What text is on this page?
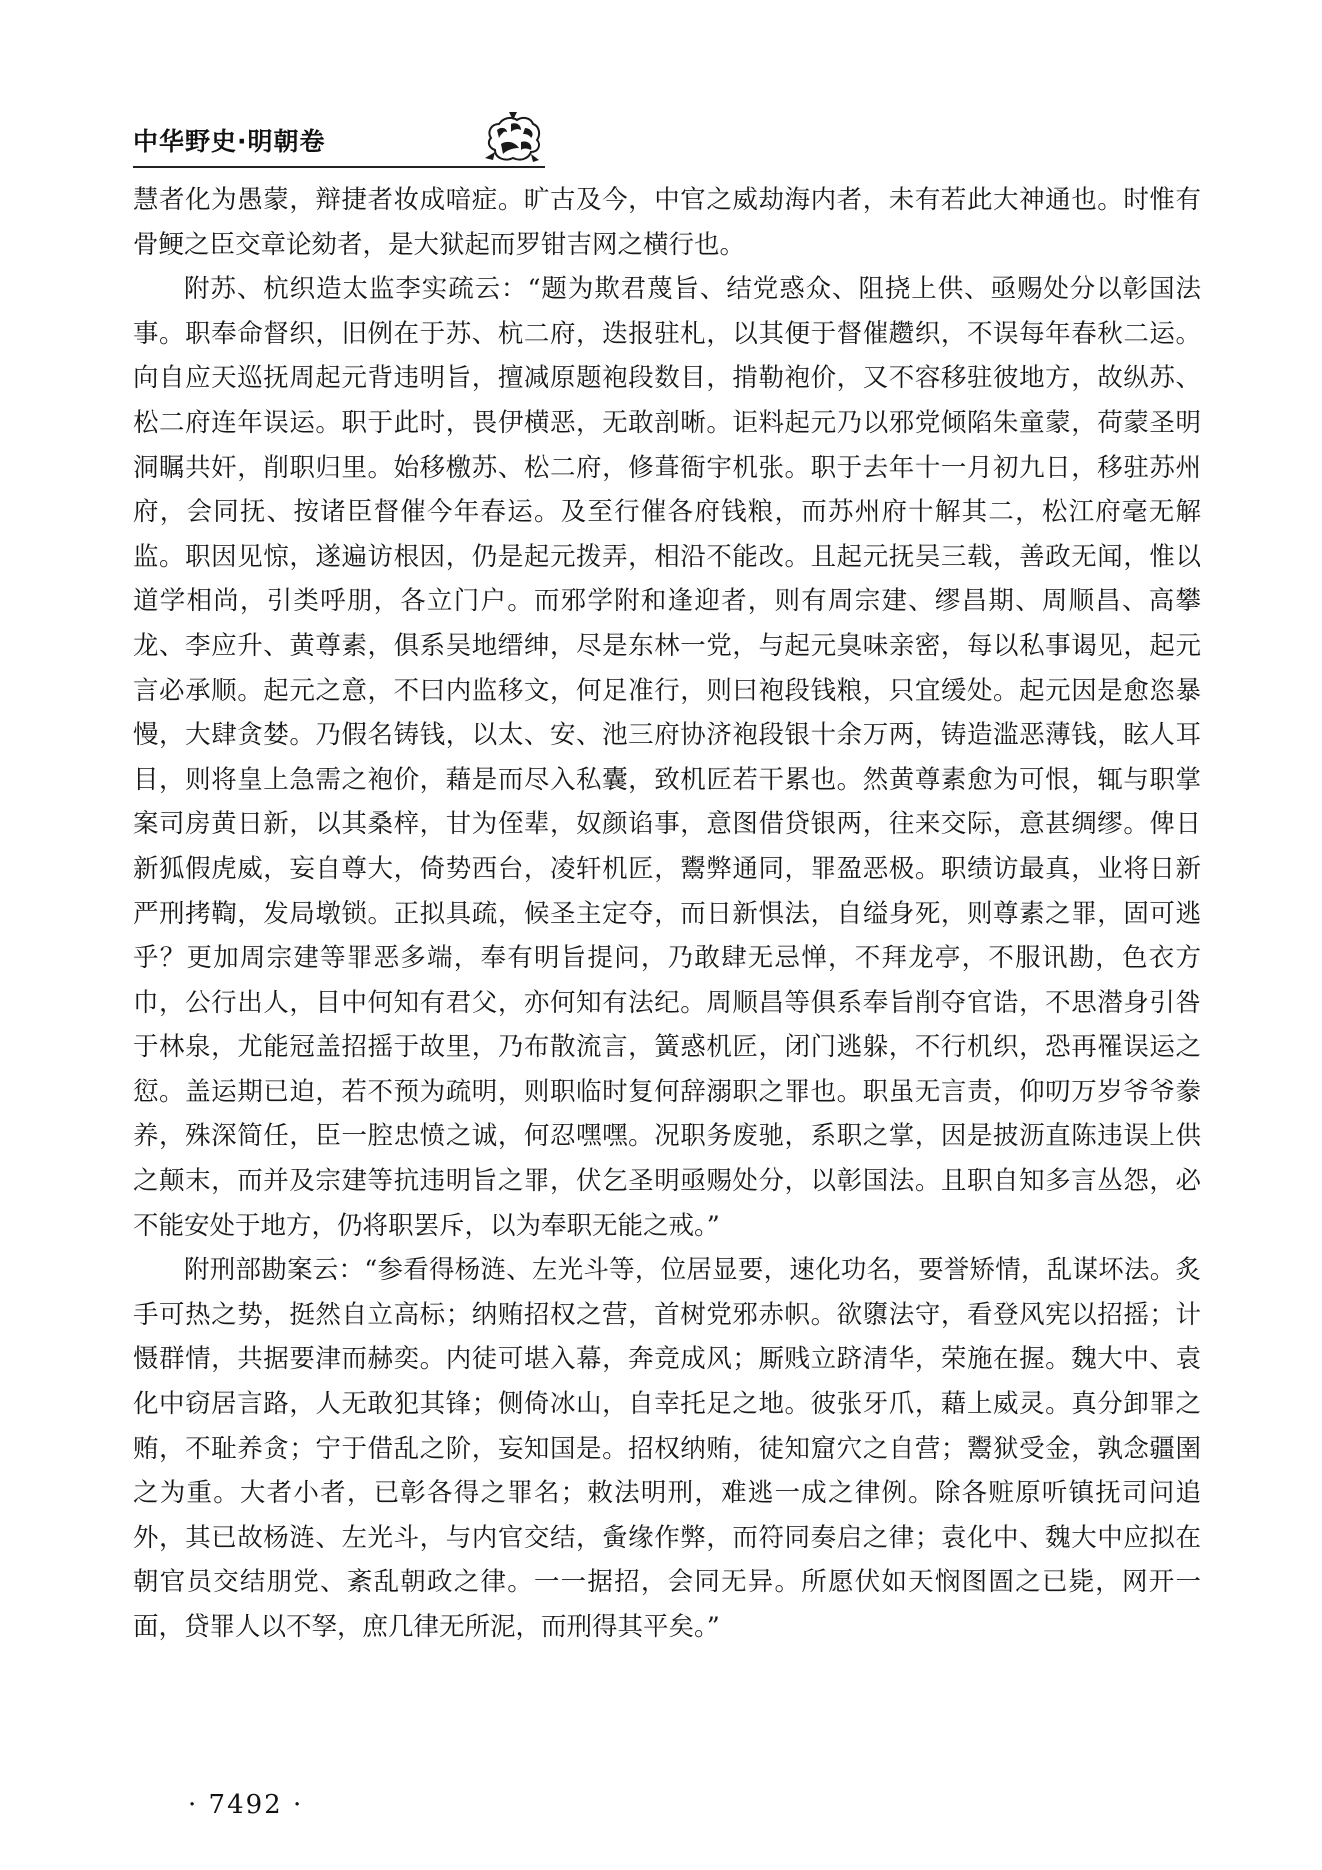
中华野史·明朝卷

慧者化为愚蒙，辩捷者妆成喑症。旷古及今，中官之威劫海内者，未有若此大神通也。时惟有骨鲠之臣交章论劾者，是大狱起而罗钳吉网之横行也。

附苏、杭织造太监李实疏云：“题为欺君蔑旨、结党惑众、阻挠上供、亟赐处分以彰国法事。职奉命督织，旧例在于苏、杭二府，迭报驻札，以其便于督催趱织，不误每年春秋二运。向自应天巡抚周起元背违明旨，擅减原题袍段数目，掯勒袍价，又不容移驻彼地方，故纵苏、松二府连年误运。职于此时，畏伊横恶，无敢剖晰。讵料起元乃以邪党倾陷朱童蒙，荷蒙圣明洞瞩共奸，削职归里。始移檄苏、松二府，修葺衙宇机张。职于去年十一月初九日，移驻苏州府，会同抚、按诸臣督催今年春运。及至行催各府钱粮，而苏州府十解其二，松江府毫无解监。职因见惊，遂遍访根因，仍是起元拨弄，相沿不能改。且起元抚吴三载，善政无闻，惟以道学相尚，引类呼朋，各立门户。而邪学附和逢迎者，则有周宗建、缪昌期、周顺昌、高攀龙、李应升、黄尊素，俱系吴地缙绅，尽是东林一党，与起元臭味亲密，每以私事谒见，起元言必承顺。起元之意，不曰内监移文，何足准行，则曰袍段钱粮，只宜缓处。起元因是愈恣暴慢，大肆贪婪。乃假名铸钱，以太、安、池三府协济袍段银十余万两，铸造滥恶薄钱，眩人耳目，则将皇上急需之袍价，藉是而尽入私囊，致机匠若干累也。然黄尊素愈为可恨，辄与职掌案司房黄日新，以其桑梓，甘为侄辈，奴颜谄事，意图借贷银两，往来交际，意甚绸缪。俾日新狐假虎威，妄自尊大，倚势西台，凌轩机匠，鬻弊通同，罪盈恶极。职绩访最真，业将日新严刑拷鞫，发局墩锁。正拟具疏，候圣主定夺，而日新惧法，自缢身死，则尊素之罪，固可逃乎？更加周宗建等罪恶多端，奉有明旨提问，乃敢肆无忌惮，不拜龙亭，不服讯勘，色衣方巾，公行出人，目中何知有君父，亦何知有法纪。周顺昌等俱系奉旨削夺官诰，不思潜身引咎于林泉，尤能冠盖招摇于故里，乃布散流言，簧惑机匠，闭门逃躲，不行机织，恐再罹误运之愆。盖运期已迫，若不预为疏明，则职临时复何辞溺职之罪也。职虽无言责，仰叨万岁爷爷豢养，殊深简任，臣一腔忠愤之诚，何忍嘿嘿。况职务废驰，系职之掌，因是披沥直陈违误上供之颠末，而并及宗建等抗违明旨之罪，伏乞圣明亟赐处分，以彰国法。且职自知多言丛怨，必不能安处于地方，仍将职罢斥，以为奉职无能之戒。”

附刑部勘案云：“参看得杨涟、左光斗等，位居显要，速化功名，要誉矫情，乱谋坏法。炙手可热之势，挺然自立高标；纳贿招权之营，首树党邪赤帜。欲隳法守，看登风宪以招摇；计慑群情，共据要津而赫奕。内徒可堪入幕，奔竞成风；厮贱立跻清华，荣施在握。魏大中、袁化中窃居言路，人无敢犯其锋；侧倚冰山，自幸托足之地。彼张牙爪，藉上威灵。真分卸罪之贿，不耻养贪；宁于借乱之阶，妄知国是。招权纳贿，徒知窟穴之自营；鬻狱受金，孰念疆圉之为重。大者小者，已彰各得之罪名；敕法明刑，难逃一成之律例。除各赃原听镇抚司问追外，其已故杨涟、左光斗，与内官交结，夤缘作弊，而符同奏启之律；袁化中、魏大中应拟在朝官员交结朋党、紊乱朝政之律。一一据招，会同无异。所愿伏如天悯图圄之已毙，网开一面，贷罪人以不孥，庶几律无所泥，而刑得其平矣。”

· 7492 ·
